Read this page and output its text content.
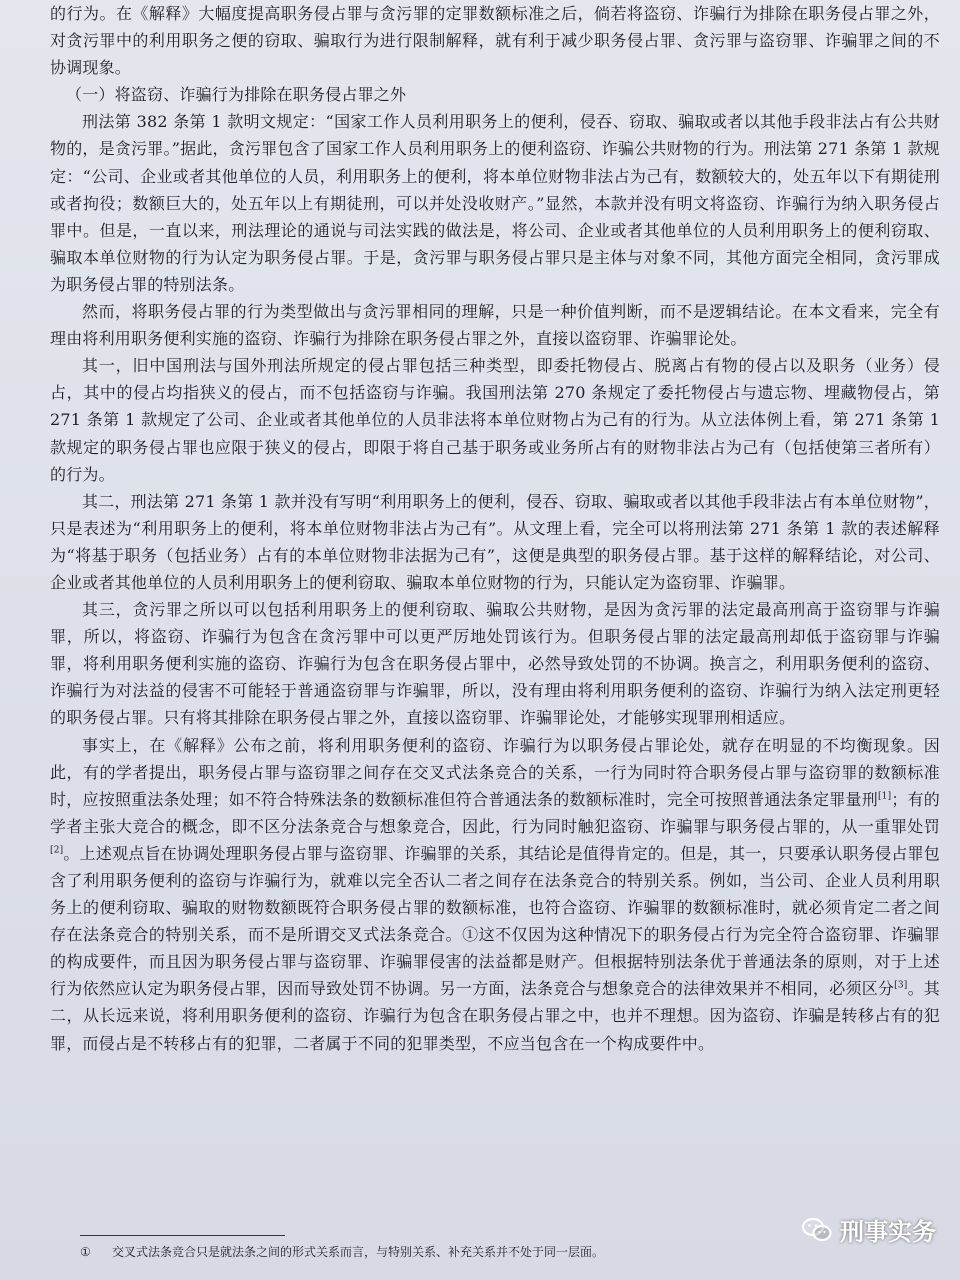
的行为。在《解释》大幅度提高职务侵占罪与贪污罪的定罪数额标准之后，倘若将盗窃、诈骗行为排除在职务侵占罪之外，对贪污罪中的利用职务之便的窃取、骗取行为进行限制解释，就有利于减少职务侵占罪、贪污罪与盗窃罪、诈骗罪之间的不协调现象。

（一）将盗窃、诈骗行为排除在职务侵占罪之外

刑法第 382 条第 1 款明文规定：“国家工作人员利用职务上的便利，侵吞、窃取、骗取或者以其他手段非法占有公共财物的，是贪污罪。”据此，贪污罪包含了国家工作人员利用职务上的便利盗窃、诈骗公共财物的行为。刑法第 271 条第 1 款规定：“公司、企业或者其他单位的人员，利用职务上的便利，将本单位财物非法占为己有，数额较大的，处五年以下有期徒刑或者拘役；数额巨大的，处五年以上有期徒刑，可以并处没收财产。”显然，本款并没有明文将盗窃、诈骗行为纳入职务侵占罪中。但是，一直以来，刑法理论的通说与司法实践的做法是，将公司、企业或者其他单位的人员利用职务上的便利窃取、骗取本单位财物的行为认定为职务侵占罪。于是，贪污罪与职务侵占罪只是主体与对象不同，其他方面完全相同，贪污罪成为职务侵占罪的特别法条。

然而，将职务侵占罪的行为类型做出与贪污罪相同的理解，只是一种价值判断，而不是逻辑结论。在本文看来，完全有理由将利用职务便利实施的盗窃、诈骗行为排除在职务侵占罪之外，直接以盗窃罪、诈骗罪论处。

其一，旧中国刑法与国外刑法所规定的侵占罪包括三种类型，即委托物侵占、脱离占有物的侵占以及职务（业务）侵占，其中的侵占均指狭义的侵占，而不包括盗窃与诈骗。我国刑法第 270 条规定了委托物侵占与遗忘物、埋藏物侵占，第 271 条第 1 款规定了公司、企业或者其他单位的人员非法将本单位财物占为己有的行为。从立法体例上看，第 271 条第 1 款规定的职务侵占罪也应限于狭义的侵占，即限于将自己基于职务或业务所占有的财物非法占为己有（包括使第三者所有）的行为。

其二，刑法第 271 条第 1 款并没有写明“利用职务上的便利，侵吞、窃取、骗取或者以其他手段非法占有本单位财物”，只是表述为“利用职务上的便利，将本单位财物非法占为己有”。从文理上看，完全可以将刑法第 271 条第 1 款的表述解释为“将基于职务（包括业务）占有的本单位财物非法据为己有”，这便是典型的职务侵占罪。基于这样的解释结论，对公司、企业或者其他单位的人员利用职务上的便利窃取、骗取本单位财物的行为，只能认定为盗窃罪、诈骗罪。

其三，贪污罪之所以可以包括利用职务上的便利窃取、骗取公共财物，是因为贪污罪的法定最高刑高于盗窃罪与诈骗罪，所以，将盗窃、诈骗行为包含在贪污罪中可以更严厉地处罚该行为。但职务侵占罪的法定最高刑却低于盗窃罪与诈骗罪，将利用职务便利实施的盗窃、诈骗行为包含在职务侵占罪中，必然导致处罚的不协调。换言之，利用职务便利的盗窃、诈骗行为对法益的侵害不可能轻于普通盗窃罪与诈骗罪，所以，没有理由将利用职务便利的盗窃、诈骗行为纳入法定刑更轻的职务侵占罪。只有将其排除在职务侵占罪之外，直接以盗窃罪、诈骗罪论处，才能够实现罪刑相适应。

事实上，在《解释》公布之前，将利用职务便利的盗窃、诈骗行为以职务侵占罪论处，就存在明显的不均衡现象。因此，有的学者提出，职务侵占罪与盗窃罪之间存在交叉式法条竞合的关系，一行为同时符合职务侵占罪与盗窃罪的数额标准时，应按照重法条处理；如不符合特殊法条的数额标准但符合普通法条的数额标准时，完全可按照普通法条定罪量刑[1]；有的学者主张大竞合的概念，即不区分法条竞合与想象竞合，因此，行为同时触犯盗窃、诈骗罪与职务侵占罪的，从一重罪处罚[2]。上述观点旨在协调处理职务侵占罪与盗窃罪、诈骗罪的关系，其结论是值得肯定的。但是，其一，只要承认职务侵占罪包含了利用职务便利的盗窃与诈骗行为，就难以完全否认二者之间存在法条竞合的特别关系。例如，当公司、企业人员利用职务上的便利窃取、骗取的财物数额既符合职务侵占罪的数额标准，也符合盗窃、诈骗罪的数额标准时，就必须肯定二者之间存在法条竞合的特别关系，而不是所谓交叉式法条竞合。①这不仅因为这种情况下的职务侵占行为完全符合盗窃罪、诈骗罪的构成要件，而且因为职务侵占罪与盗窃罪、诈骗罪侵害的法益都是财产。但根据特别法条优于普通法条的原则，对于上述行为依然应认定为职务侵占罪，因而导致处罚不协调。另一方面，法条竞合与想象竞合的法律效果并不相同，必须区分[3]。其二，从长远来说，将利用职务便利的盗窃、诈骗行为包含在职务侵占罪之中，也并不理想。因为盗窃、诈骗是转移占有的犯罪，而侵占是不转移占有的犯罪，二者属于不同的犯罪类型，不应当包含在一个构成要件中。

① 交叉式法条竞合只是就法条之间的形式关系而言，与特别关系、补充关系并不处于同一层面。
刑事实务
